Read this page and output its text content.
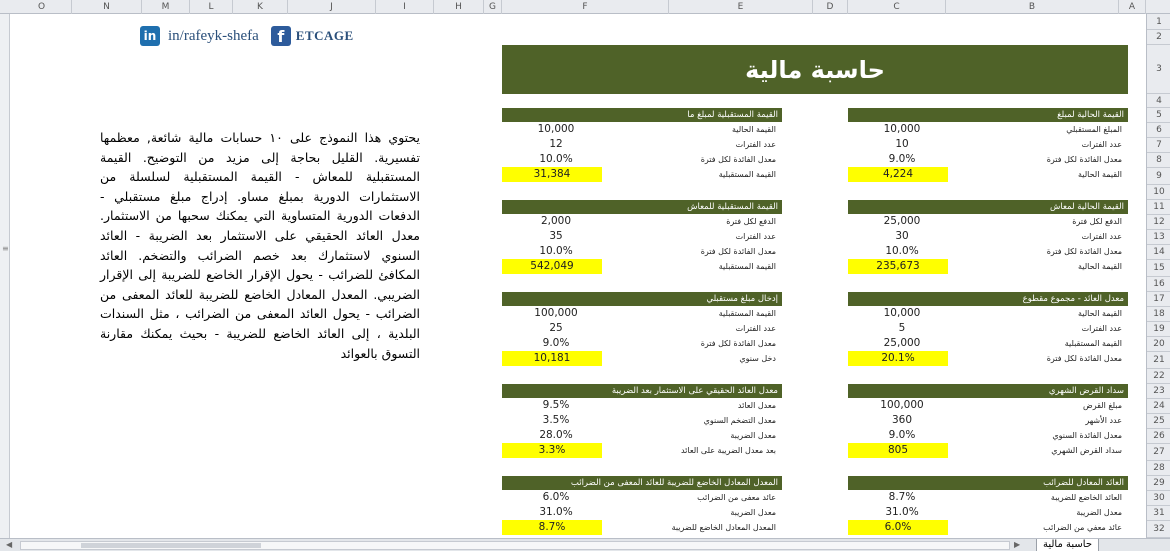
O	N	M	L	K	J	I	H	G	F	E	D	C	B	A
1
2
3
4
5
6
7
8
9
10
11
12
13
14
15
16
17
18
19
20
21
22
23
24
25
26
27
28
29
30
31
32
≡
in in/rafeyk-shefa	f ETCAGE
يحتوي هذا النموذج على ١٠ حسابات مالية شائعة, معظمها تفسيرية. القليل بحاجة إلى مزيد من التوضيح. القيمة المستقبلية للمعاش - القيمة المستقبلية لسلسلة من الاستثمارات الدورية بمبلغ مساو. إدراج مبلغ مستقبلي - الدفعات الدورية المتساوية التي يمكنك سحبها من الاستثمار. معدل العائد الحقيقي على الاستثمار بعد الضريبة - العائد السنوي لاستثمارك بعد خصم الضرائب والتضخم. العائد المكافئ للضرائب - يحول الإقرار الخاضع للضريبة إلى الإقرار الضريبي. المعدل المعادل الخاضع للضريبة للعائد المعفى من الضرائب - يحول العائد المعفى من الضرائب ، مثل السندات البلدية ، إلى العائد الخاضع للضريبة - بحيث يمكنك مقارنة التسوق بالعوائد
حاسبة مالية
القيمة الحالية لمبلغ
10,000	المبلغ المستقبلي
10	عدد الفترات
9.0%	معدل الفائدة لكل فترة
4,224	القيمة الحالية
القيمة الحالية لمعاش
25,000	الدفع لكل فترة
30	عدد الفترات
10.0%	معدل الفائدة لكل فترة
235,673	القيمة الحالية
معدل العائد - مجموع مقطوع
10,000	القيمة الحالية
5	عدد الفترات
25,000	القيمة المستقبلية
20.1%	معدل الفائدة لكل فترة
سداد القرض الشهري
100,000	مبلغ القرض
360	عدد الأشهر
9.0%	معدل الفائدة السنوي
805	سداد القرض الشهري
العائد المعادل للضرائب
8.7%	العائد الخاضع للضريبة
31.0%	معدل الضريبة
6.0%	عائد معفي من الضرائب
القيمة المستقبلية لمبلغ ما
10,000	القيمة الحالية
12	عدد الفترات
10.0%	معدل الفائدة لكل فترة
31,384	القيمة المستقبلية
القيمة المستقبلية للمعاش
2,000	الدفع لكل فترة
35	عدد الفترات
10.0%	معدل الفائدة لكل فترة
542,049	القيمة المستقبلية
إدخال مبلغ مستقبلي
100,000	القيمة المستقبلية
25	عدد الفترات
9.0%	معدل الفائدة لكل فترة
10,181	دخل سنوي
معدل العائد الحقيقي على الاستثمار بعد الضريبة
9.5%	معدل العائد
3.5%	معدل التضخم السنوي
28.0%	معدل الضريبة
3.3%	بعد معدل الضريبة على العائد
المعدل المعادل الخاضع للضريبة للعائد المعفى من الضرائب
6.0%	عائد معفى من الضرائب
31.0%	معدل الضريبة
8.7%	المعدل المعادل الخاضع للضريبة
◀	▶	حاسبة مالية
